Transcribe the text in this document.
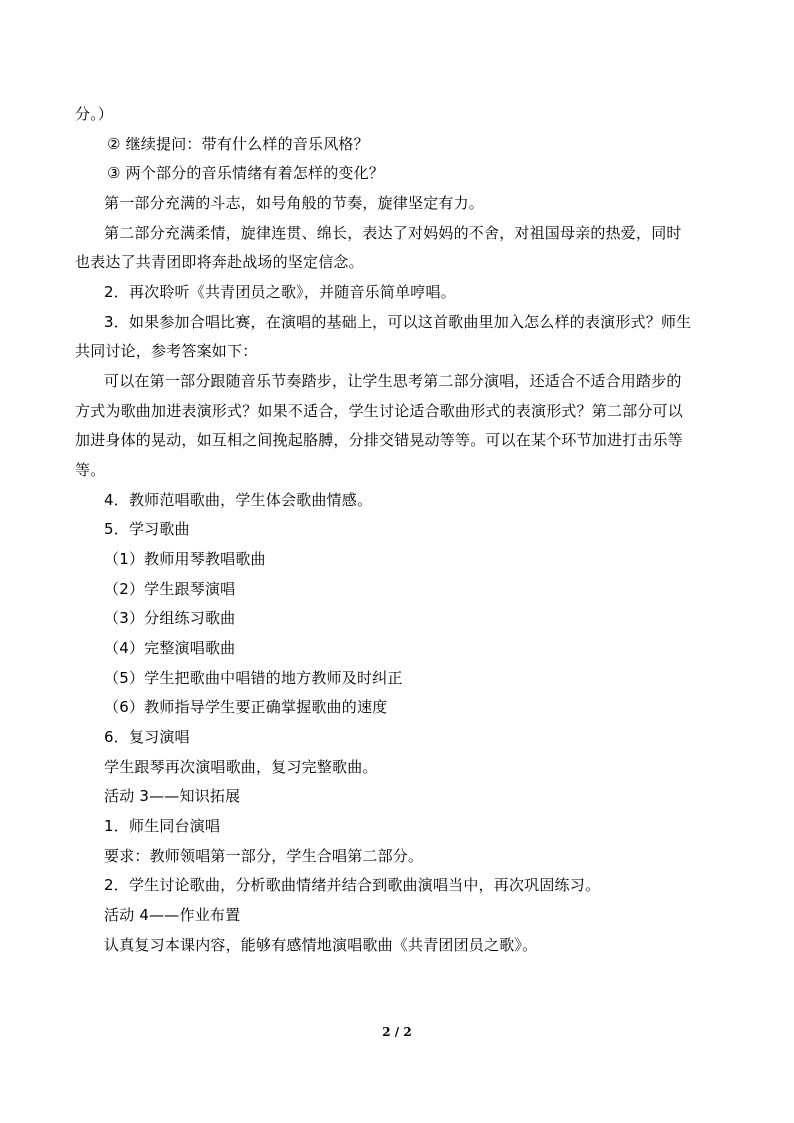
分。）
② 继续提问：带有什么样的音乐风格？
③ 两个部分的音乐情绪有着怎样的变化？
第一部分充满的斗志，如号角般的节奏，旋律坚定有力。
第二部分充满柔情，旋律连贯、绵长，表达了对妈妈的不舍，对祖国母亲的热爱，同时
也表达了共青团即将奔赴战场的坚定信念。
2．再次聆听《共青团员之歌》，并随音乐简单哼唱。
3．如果参加合唱比赛，在演唱的基础上，可以这首歌曲里加入怎么样的表演形式？师生
共同讨论，参考答案如下：
可以在第一部分跟随音乐节奏踏步，让学生思考第二部分演唱，还适合不适合用踏步的
方式为歌曲加进表演形式？如果不适合，学生讨论适合歌曲形式的表演形式？第二部分可以
加进身体的晃动，如互相之间挽起胳膊，分排交错晃动等等。可以在某个环节加进打击乐等
等。
4．教师范唱歌曲，学生体会歌曲情感。
5．学习歌曲
（1）教师用琴教唱歌曲
（2）学生跟琴演唱
（3）分组练习歌曲
（4）完整演唱歌曲
（5）学生把歌曲中唱错的地方教师及时纠正
（6）教师指导学生要正确掌握歌曲的速度
6．复习演唱
学生跟琴再次演唱歌曲，复习完整歌曲。
活动 3——知识拓展
1．师生同台演唱
要求：教师领唱第一部分，学生合唱第二部分。
2．学生讨论歌曲，分析歌曲情绪并结合到歌曲演唱当中，再次巩固练习。
活动 4——作业布置
认真复习本课内容，能够有感情地演唱歌曲《共青团团员之歌》。
2 / 2
